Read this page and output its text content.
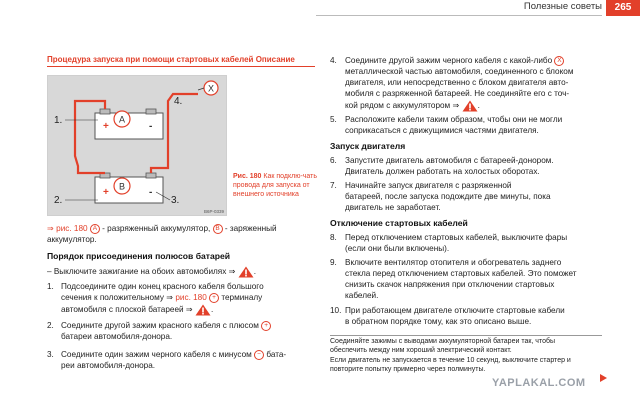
Полезные советы	265
Процедура запуска при помощи стартовых кабелей Описание
A
+	-
B
+	-
X
1.
2.	3.
4.
B6P-0339
Рис. 180 Как подклю-чать провода для запуска от внешнего источника
⇒ рис. 180 A - разряженный аккумулятор, B - заряженный
аккумулятор.
Порядок присоединения полюсов батарей
– Выключите зажигание на обоих автомобилях ⇒ .
1. Подсоедините один конец красного кабеля большого
сечения к положительному ⇒ рис. 180 + терминалу
автомобиля с плоской батареей ⇒ .
2. Соедините другой зажим красного кабеля с плюсом +
батареи автомобиля-донора.
3. Соедините один зажим черного кабеля с минусом − бата-
реи автомобиля-донора.
4. Соедините другой зажим черного кабеля с какой-либо X
металлической частью автомобиля, соединенного с блоком
двигателя, или непосредственно с блоком двигателя авто-
мобиля с разряженной батареей. Не соединяйте его с точ-
кой рядом с аккумулятором ⇒ .
5. Расположите кабели таким образом, чтобы они не могли
соприкасаться с движущимися частями двигателя.
Запуск двигателя
6. Запустите двигатель автомобиля с батареей-донором.
Двигатель должен работать на холостых оборотах.
7. Начинайте запуск двигателя с разряженной
батареей, после запуска подождите две минуты, пока
двигатель не заработает.
Отключение стартовых кабелей
8. Перед отключением стартовых кабелей, выключите фары
(если они были включены).
9. Включите вентилятор отопителя и обогреватель заднего
стекла перед отключением стартовых кабелей. Это поможет
снизить скачок напряжения при отключении стартовых
кабелей.
10. При работающем двигателе отключите стартовые кабели
в обратном порядке тому, как это описано выше.
Соединяйте зажимы с выводами аккумуляторной батареи так, чтобы
обеспечить между ним хороший электрический контакт.
Если двигатель не запускается в течение 10 секунд, выключите стартер и
повторите попытку примерно через полминуты.
YAPLAKAL.COM
